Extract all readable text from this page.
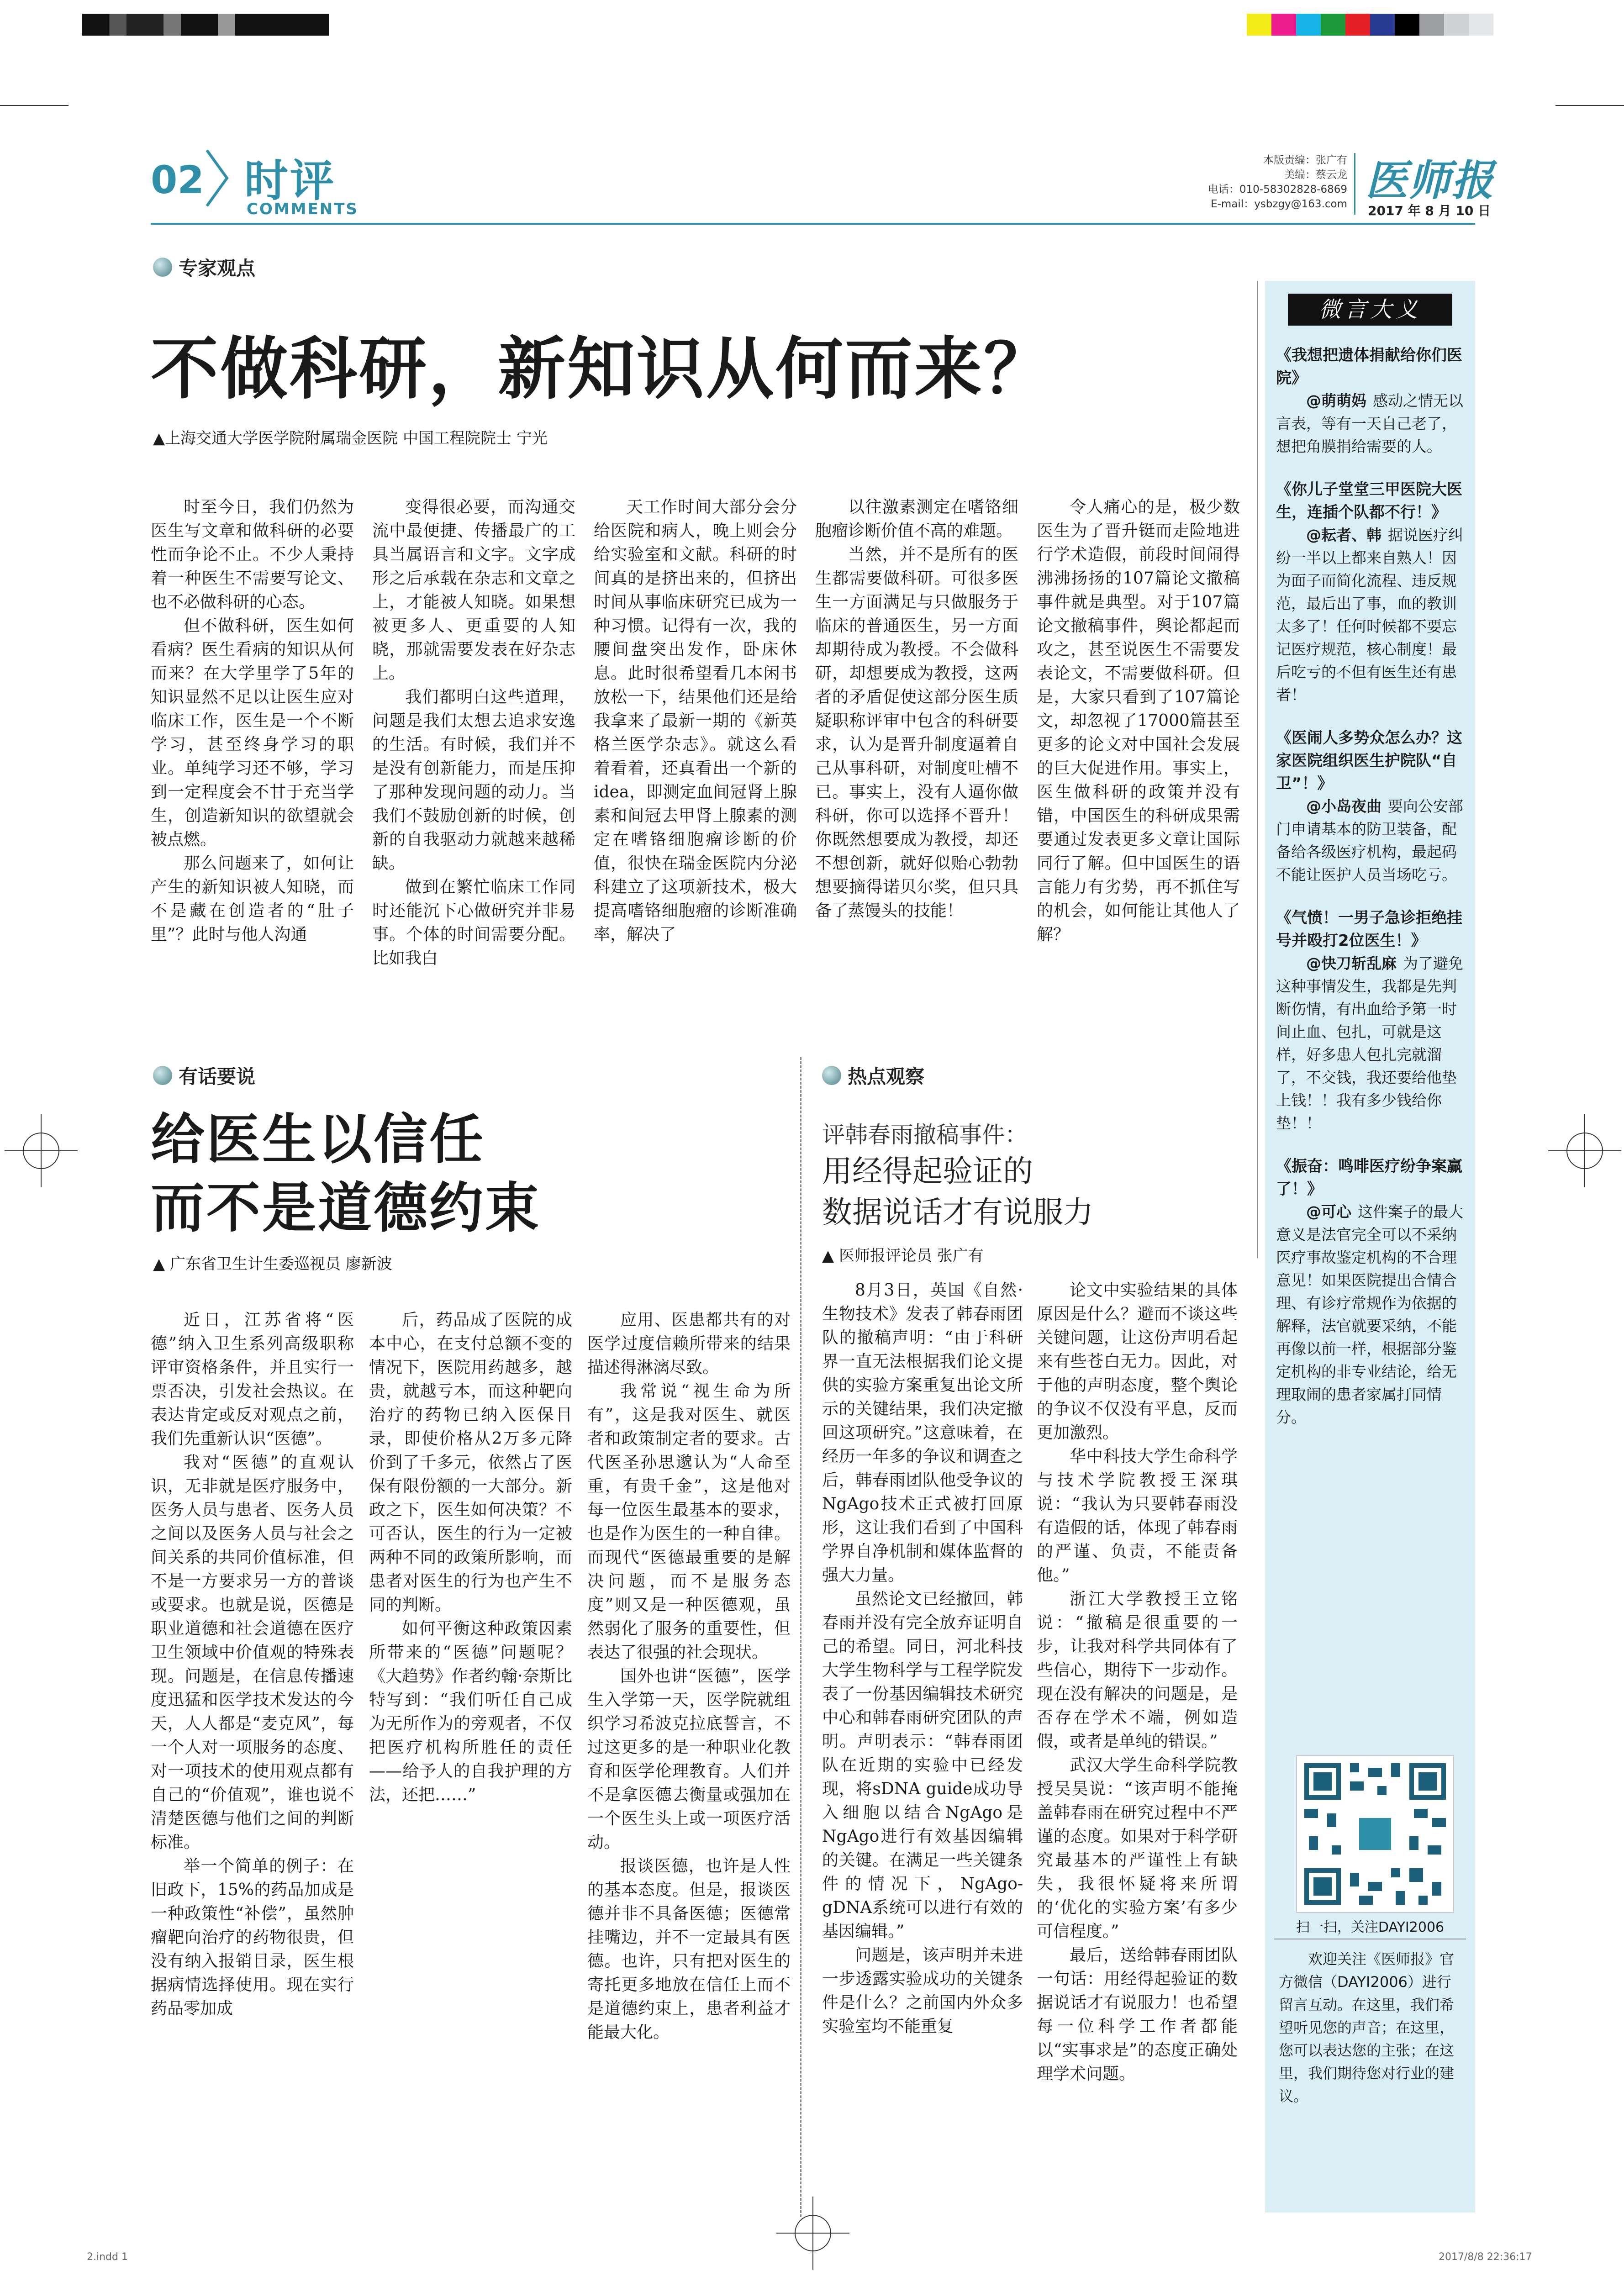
02 时评
COMMENTS
本版责编：张广有
美编：蔡云龙
电话：010-58302828-6869
E-mail：ysbzgy@163.com 医师报
2017 年 8 月 10 日
专家观点
不做科研，新知识从何而来？
▲上海交通大学医学院附属瑞金医院 中国工程院院士 宁光

时至今日，我们仍然为医生写文章和做科研的必要性而争论不止。不少人秉持着一种医生不需要写论文、也不必做科研的心态。

但不做科研，医生如何看病？医生看病的知识从何而来？在大学里学了5年的知识显然不足以让医生应对临床工作，医生是一个不断学习，甚至终身学习的职业。单纯学习还不够，学习到一定程度会不甘于充当学生，创造新知识的欲望就会被点燃。

那么问题来了，如何让产生的新知识被人知晓，而不是藏在创造者的“肚子里”？此时与他人沟通

变得很必要，而沟通交流中最便捷、传播最广的工具当属语言和文字。文字成形之后承载在杂志和文章之上，才能被人知晓。如果想被更多人、更重要的人知晓，那就需要发表在好杂志上。

我们都明白这些道理，问题是我们太想去追求安逸的生活。有时候，我们并不是没有创新能力，而是压抑了那种发现问题的动力。当我们不鼓励创新的时候，创新的自我驱动力就越来越稀缺。

做到在繁忙临床工作同时还能沉下心做研究并非易事。个体的时间需要分配。比如我白

天工作时间大部分会分给医院和病人，晚上则会分给实验室和文献。科研的时间真的是挤出来的，但挤出时间从事临床研究已成为一种习惯。记得有一次，我的腰间盘突出发作，卧床休息。此时很希望看几本闲书放松一下，结果他们还是给我拿来了最新一期的《新英格兰医学杂志》。就这么看着看着，还真看出一个新的idea，即测定血间冠肾上腺素和间冠去甲肾上腺素的测定在嗜铬细胞瘤诊断的价值，很快在瑞金医院内分泌科建立了这项新技术，极大提高嗜铬细胞瘤的诊断准确率，解决了

以往激素测定在嗜铬细胞瘤诊断价值不高的难题。

当然，并不是所有的医生都需要做科研。可很多医生一方面满足与只做服务于临床的普通医生，另一方面却期待成为教授。不会做科研，却想要成为教授，这两者的矛盾促使这部分医生质疑职称评审中包含的科研要求，认为是晋升制度逼着自己从事科研，对制度吐槽不已。事实上，没有人逼你做科研，你可以选择不晋升！你既然想要成为教授，却还不想创新，就好似贻心勃勃想要摘得诺贝尔奖，但只具备了蒸馒头的技能！

令人痛心的是，极少数医生为了晋升铤而走险地进行学术造假，前段时间闹得沸沸扬扬的107篇论文撤稿事件就是典型。对于107篇论文撤稿事件，舆论都起而攻之，甚至说医生不需要发表论文，不需要做科研。但是，大家只看到了107篇论文，却忽视了17000篇甚至更多的论文对中国社会发展的巨大促进作用。事实上，医生做科研的政策并没有错，中国医生的科研成果需要通过发表更多文章让国际同行了解。但中国医生的语言能力有劣势，再不抓住写的机会，如何能让其他人了解？

有话要说
给医生以信任
而不是道德约束
▲ 广东省卫生计生委巡视员 廖新波

近日，江苏省将“医德”纳入卫生系列高级职称评审资格条件，并且实行一票否决，引发社会热议。在表达肯定或反对观点之前，我们先重新认识“医德”。

我对“医德”的直观认识，无非就是医疗服务中，医务人员与患者、医务人员之间以及医务人员与社会之间关系的共同价值标准，但不是一方要求另一方的普谈或要求。也就是说，医德是职业道德和社会道德在医疗卫生领域中价值观的特殊表现。问题是，在信息传播速度迅猛和医学技术发达的今天，人人都是“麦克风”，每一个人对一项服务的态度、对一项技术的使用观点都有自己的“价值观”，谁也说不清楚医德与他们之间的判断标准。

举一个简单的例子：在旧政下，15%的药品加成是一种政策性“补偿”，虽然肿瘤靶向治疗的药物很贵，但没有纳入报销目录，医生根据病情选择使用。现在实行药品零加成

后，药品成了医院的成本中心，在支付总额不变的情况下，医院用药越多，越贵，就越亏本，而这种靶向治疗的药物已纳入医保目录，即使价格从2万多元降价到了千多元，依然占了医保有限份额的一大部分。新政之下，医生如何决策？不可否认，医生的行为一定被两种不同的政策所影响，而患者对医生的行为也产生不同的判断。

如何平衡这种政策因素所带来的“医德”问题呢？《大趋势》作者约翰·奈斯比特写到：“我们听任自己成为无所作为的旁观者，不仅把医疗机构所胜任的责任——给予人的自我护理的方法，还把……”

应用、医患都共有的对医学过度信赖所带来的结果描述得淋漓尽致。

我常说“视生命为所有”，这是我对医生、就医者和政策制定者的要求。古代医圣孙思邈认为“人命至重，有贵千金”，这是他对每一位医生最基本的要求，也是作为医生的一种自律。而现代“医德最重要的是解决问题，而不是服务态度”则又是一种医德观，虽然弱化了服务的重要性，但表达了很强的社会现状。

国外也讲“医德”，医学生入学第一天，医学院就组织学习希波克拉底誓言，不过这更多的是一种职业化教育和医学伦理教育。人们并不是拿医德去衡量或强加在一个医生头上或一项医疗活动。

报谈医德，也许是人性的基本态度。但是，报谈医德并非不具备医德；医德常挂嘴边，并不一定最具有医德。也许，只有把对医生的寄托更多地放在信任上而不是道德约束上，患者利益才能最大化。

热点观察
评韩春雨撤稿事件：
用经得起验证的
数据说话才有说服力
▲ 医师报评论员 张广有

8月3日，英国《自然·生物技术》发表了韩春雨团队的撤稿声明：“由于科研界一直无法根据我们论文提供的实验方案重复出论文所示的关键结果，我们决定撤回这项研究。”这意味着，在经历一年多的争议和调查之后，韩春雨团队他受争议的NgAgo技术正式被打回原形，这让我们看到了中国科学界自净机制和媒体监督的强大力量。

虽然论文已经撤回，韩春雨并没有完全放弃证明自己的希望。同日，河北科技大学生物科学与工程学院发表了一份基因编辑技术研究中心和韩春雨研究团队的声明。声明表示：“韩春雨团队在近期的实验中已经发现，将sDNA guide成功导入细胞以结合NgAgo是NgAgo进行有效基因编辑的关键。在满足一些关键条件的情况下，NgAgo-gDNA系统可以进行有效的基因编辑。”

问题是，该声明并未进一步透露实验成功的关键条件是什么？之前国内外众多实验室均不能重复

论文中实验结果的具体原因是什么？避而不谈这些关键问题，让这份声明看起来有些苍白无力。因此，对于他的声明态度，整个舆论的争议不仅没有平息，反而更加激烈。

华中科技大学生命科学与技术学院教授王深琪说：“我认为只要韩春雨没有造假的话，体现了韩春雨的严谨、负责，不能责备他。”

浙江大学教授王立铭说：“撤稿是很重要的一步，让我对科学共同体有了些信心，期待下一步动作。现在没有解决的问题是，是否存在学术不端，例如造假，或者是单纯的错误。”

武汉大学生命科学院教授吴昊说：“该声明不能掩盖韩春雨在研究过程中不严谨的态度。如果对于科学研究最基本的严谨性上有缺失，我很怀疑将来所谓的‘优化的实验方案’有多少可信程度。”

最后，送给韩春雨团队一句话：用经得起验证的数据说话才有说服力！也希望每一位科学工作者都能以“实事求是”的态度正确处理学术问题。

微言大义
《我想把遗体捐献给你们医院》
@萌萌妈 感动之情无以言表，等有一天自己老了，想把角膜捐给需要的人。
《你儿子堂堂三甲医院大医生，连插个队都不行！》
@耘者、韩 据说医疗纠纷一半以上都来自熟人！因为面子而简化流程、违反规范，最后出了事，血的教训太多了！任何时候都不要忘记医疗规范，核心制度！最后吃亏的不但有医生还有患者！
《医闹人多势众怎么办？这家医院组织医生护院队“自卫”！》
@小岛夜曲 要向公安部门申请基本的防卫装备，配备给各级医疗机构，最起码不能让医护人员当场吃亏。
《气愤！一男子急诊拒绝挂号并殴打2位医生！》
@快刀斩乱麻 为了避免这种事情发生，我都是先判断伤情，有出血给予第一时间止血、包扎，可就是这样，好多患人包扎完就溜了，不交钱，我还要给他垫上钱！！我有多少钱给你垫！！
《振奋：鸣啡医疗纷争案赢了！》
@可心 这件案子的最大意义是法官完全可以不采纳医疗事故鉴定机构的不合理意见！如果医院提出合情合理、有诊疗常规作为依据的解释，法官就要采纳，不能再像以前一样，根据部分鉴定机构的非专业结论，给无理取闹的患者家属打同情分。
扫一扫，关注DAYI2006
欢迎关注《医师报》官方微信（DAYI2006）进行留言互动。在这里，我们希望听见您的声音；在这里，您可以表达您的主张；在这里，我们期待您对行业的建议。
2.indd 1	2017/8/8 22:36:17
